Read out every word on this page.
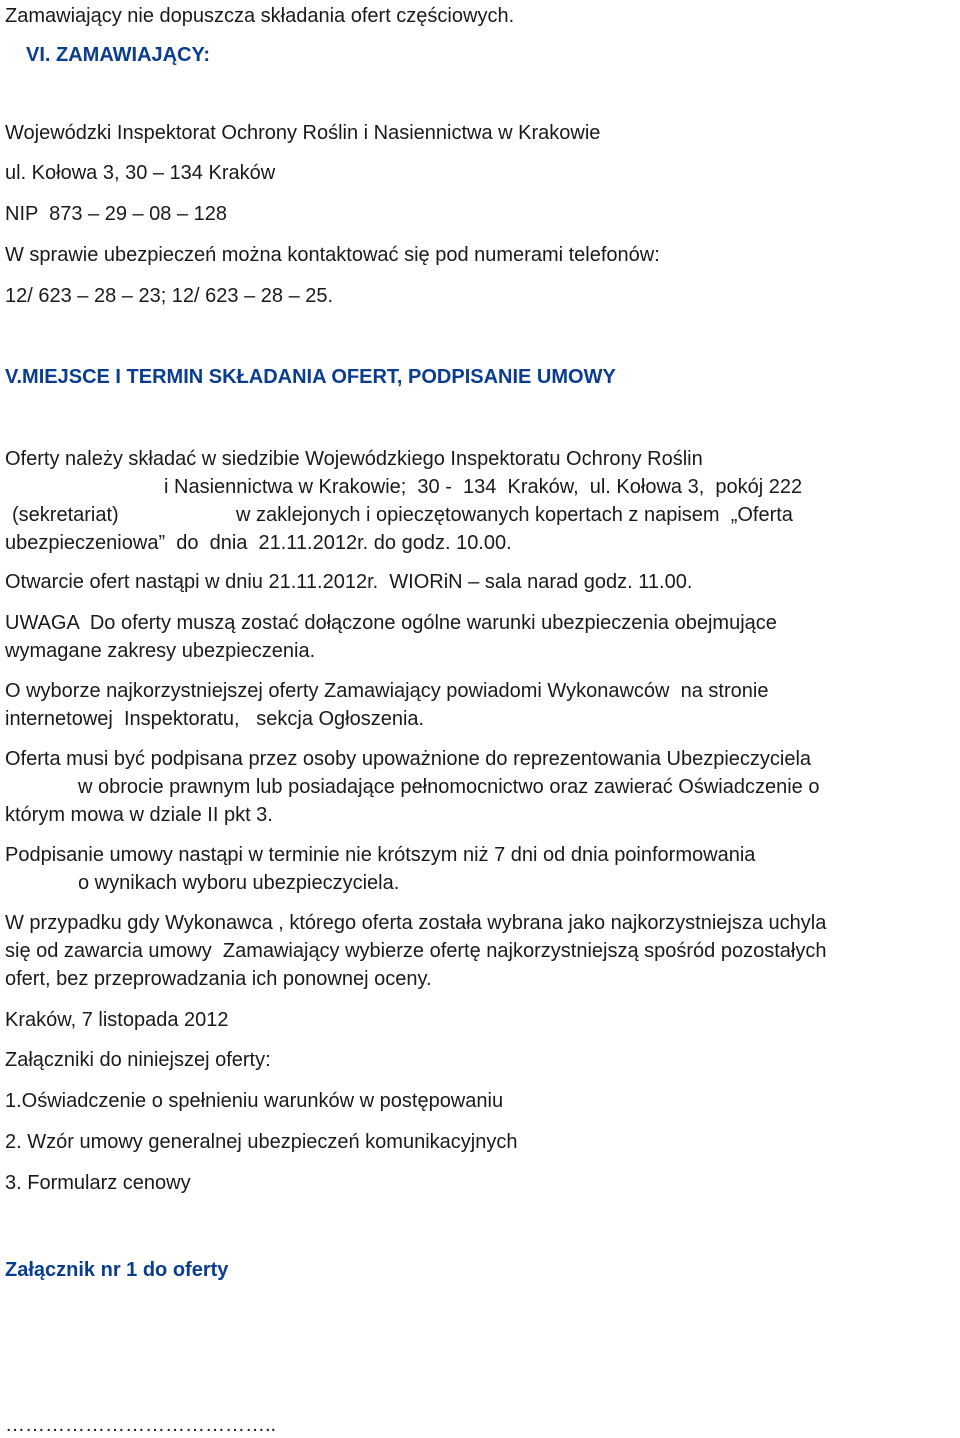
Zamawiający nie dopuszcza składania ofert częściowych.
VI. ZAMAWIAJĄCY:
Wojewódzki Inspektorat Ochrony Roślin i Nasiennictwa w Krakowie
ul. Kołowa 3, 30 – 134 Kraków
NIP  873 – 29 – 08 – 128
W sprawie ubezpieczeń można kontaktować się pod numerami telefonów:
12/ 623 – 28 – 23; 12/ 623 – 28 – 25.
V.MIEJSCE I TERMIN SKŁADANIA OFERT, PODPISANIE UMOWY
Oferty należy składać w siedzibie Wojewódzkiego Inspektoratu Ochrony Roślin
i Nasiennictwa w Krakowie;  30 -  134  Kraków,  ul. Kołowa 3,  pokój 222
(sekretariat)	w zaklejonych i opieczętowanych kopertach z napisem  „Oferta
ubezpieczeniowa”  do  dnia  21.11.2012r. do godz. 10.00.
Otwarcie ofert nastąpi w dniu 21.11.2012r.  WIORiN – sala narad godz. 11.00.
UWAGA  Do oferty muszą zostać dołączone ogólne warunki ubezpieczenia obejmujące
wymagane zakresy ubezpieczenia.
O wyborze najkorzystniejszej oferty Zamawiający powiadomi Wykonawców  na stronie
internetowej  Inspektoratu,   sekcja Ogłoszenia.
Oferta musi być podpisana przez osoby upoważnione do reprezentowania Ubezpieczyciela
w obrocie prawnym lub posiadające pełnomocnictwo oraz zawierać Oświadczenie o
którym mowa w dziale II pkt 3.
Podpisanie umowy nastąpi w terminie nie krótszym niż 7 dni od dnia poinformowania
o wynikach wyboru ubezpieczyciela.
W przypadku gdy Wykonawca , którego oferta została wybrana jako najkorzystniejsza uchyla
się od zawarcia umowy  Zamawiający wybierze ofertę najkorzystniejszą spośród pozostałych
ofert, bez przeprowadzania ich ponownej oceny.
Kraków, 7 listopada 2012
Załączniki do niniejszej oferty:
1.Oświadczenie o spełnieniu warunków w postępowaniu
2. Wzór umowy generalnej ubezpieczeń komunikacyjnych
3. Formularz cenowy
Załącznik nr 1 do oferty
…………………………………..
